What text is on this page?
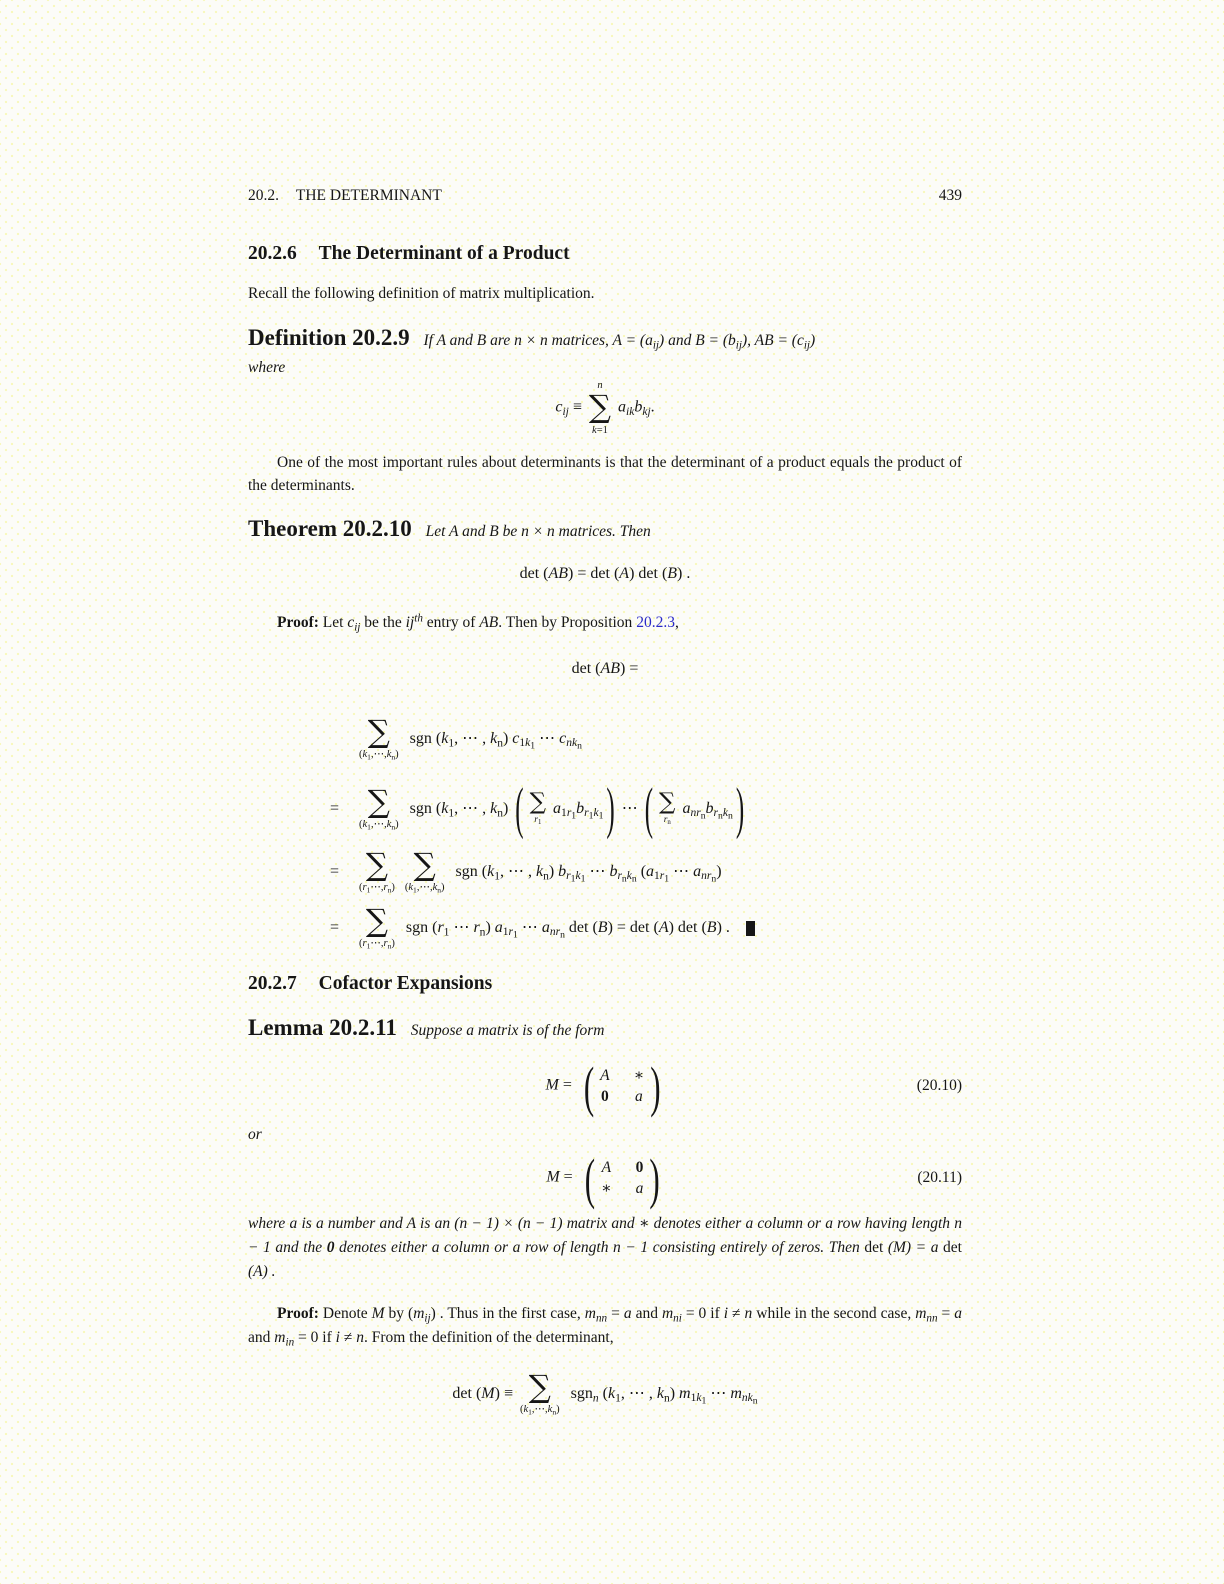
20.2. THE DETERMINANT	439
20.2.6 The Determinant of a Product

Recall the following definition of matrix multiplication.

Definition 20.2.9 If A and B are n × n matrices, $A = (a_{ij})$ and $B = (b_{ij})$, AB = $(c_{ij})$

where

$c_{ij}$ ≡
n
∑
k=1
$a_{ik}b_{kj}$.

One of the most important rules about determinants is that the determinant of a product equals the product of the determinants.

Theorem 20.2.10 Let A and B be n × n matrices. Then

det (AB) = det (A) det (B) .

Proof: Let $c_{ij}$ be the $ij^{th}$ entry of AB. Then by Proposition 20.2.3,

det (AB) =
∑
$(k_1,\cdots,k_n)$
sgn ($k_1$, ⋯ , $k_n$) $c_{1k_1}$ ⋯ $c_{nk_n}$
= ∑
$(k_1,\cdots,k_n)$
sgn ($k_1$, ⋯ , $k_n$) ( ∑
$r_1$
$a_{1r_1}b_{r_1k_1}$ ) ⋯ ( ∑
$r_n$
$a_{nr_n}b_{r_nk_n}$ )
= ∑
$(r_1\cdots,r_n)$
∑
$(k_1,\cdots,k_n)$
sgn ($k_1$, ⋯ , $k_n$) $b_{r_1k_1}$ ⋯ $b_{r_nk_n}$ ($a_{1r_1}$ ⋯ $a_{nr_n}$)
= ∑
$(r_1\cdots,r_n)$
sgn ($r_1$ ⋯ $r_n$) $a_{1r_1}$ ⋯ $a_{nr_n}$ det (B) = det (A) det (B) .
20.2.7 Cofactor Expansions

Lemma 20.2.11 Suppose a matrix is of the form

M = ( A ∗
0 a )	(20.10)

or

M = ( A 0
∗ a )	(20.11)

where a is a number and A is an (n − 1) × (n − 1) matrix and ∗ denotes either a column or a row having length n − 1 and the 0 denotes either a column or a row of length n − 1 consisting entirely of zeros. Then det (M) = a det (A) .

Proof: Denote M by $(m_{ij})$ . Thus in the first case, $m_{nn} = a$ and $m_{ni} = 0$ if i ≠ n while in the second case, $m_{nn} = a$ and $m_{in} = 0$ if i ≠ n. From the definition of the determinant,

det (M) ≡ ∑
$(k_1,\cdots,k_n)$
sgn$_n$ ($k_1$, ⋯ , $k_n$) $m_{1k_1}$ ⋯ $m_{nk_n}$
